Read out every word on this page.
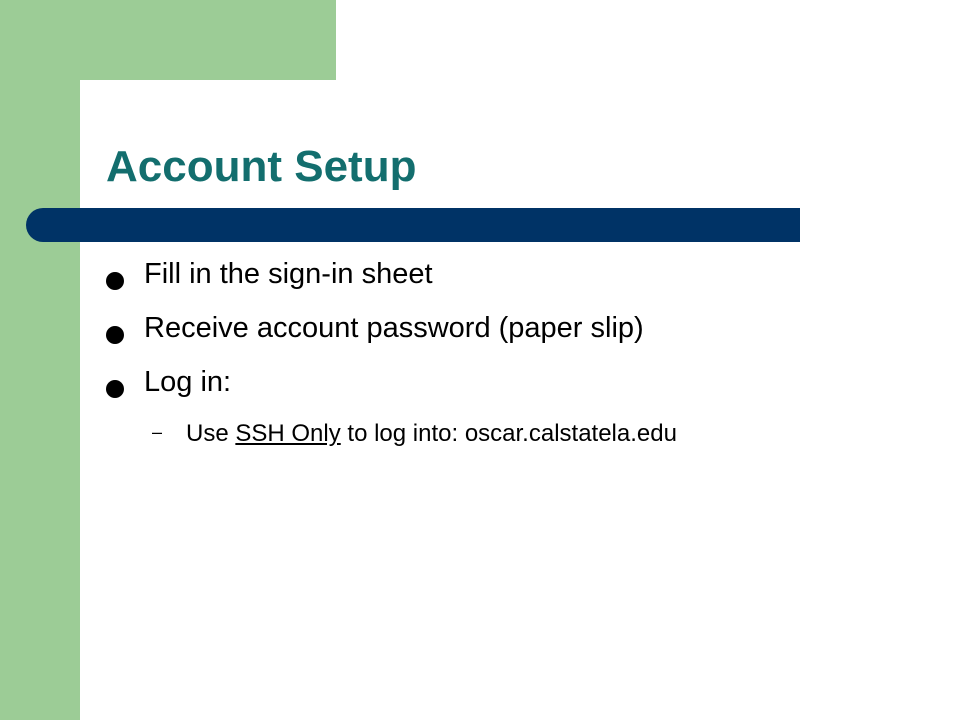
Account Setup
Fill in the sign-in sheet
Receive account password (paper slip)
Log in:
– Use SSH Only to log into: oscar.calstatela.edu
